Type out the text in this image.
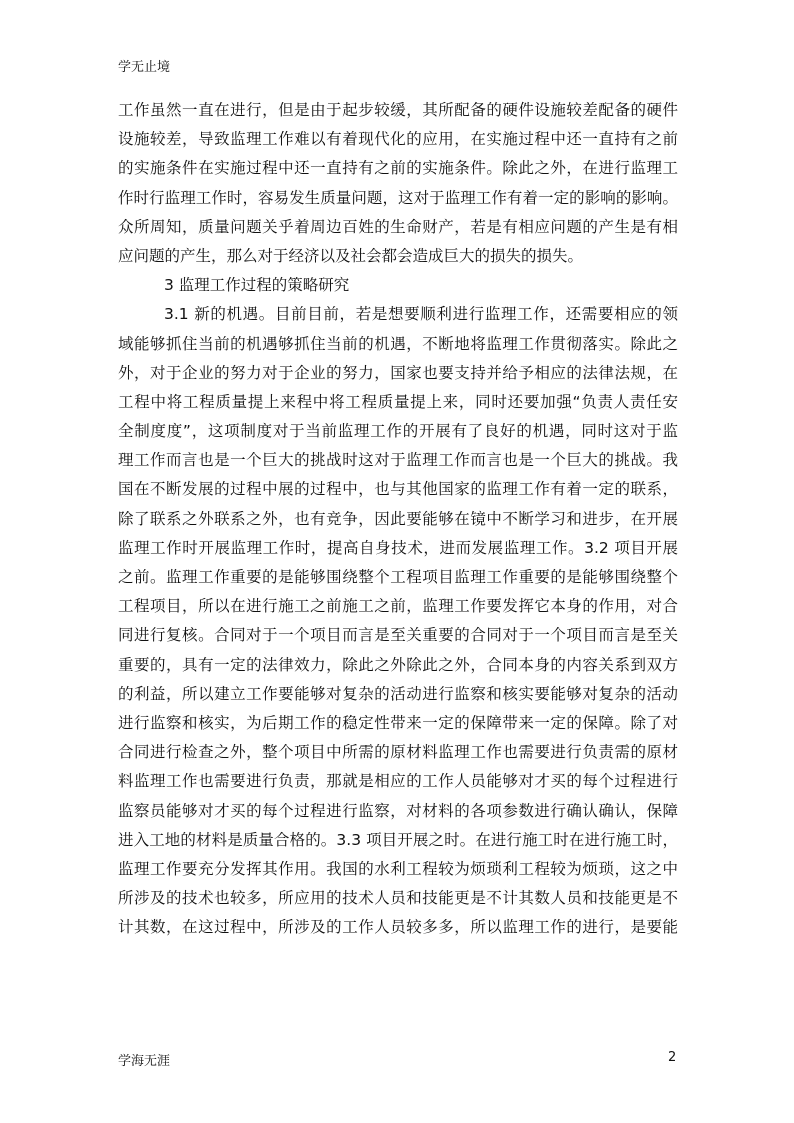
学无止境
工作虽然一直在进行，但是由于起步较缓，其所配备的硬件设施较差配备的硬件
设施较差，导致监理工作难以有着现代化的应用，在实施过程中还一直持有之前
的实施条件在实施过程中还一直持有之前的实施条件。除此之外，在进行监理工
作时行监理工作时，容易发生质量问题，这对于监理工作有着一定的影响的影响。
众所周知，质量问题关乎着周边百姓的生命财产，若是有相应问题的产生是有相
应问题的产生，那么对于经济以及社会都会造成巨大的损失的损失。
3 监理工作过程的策略研究
3.1 新的机遇。目前目前，若是想要顺利进行监理工作，还需要相应的领
域能够抓住当前的机遇够抓住当前的机遇，不断地将监理工作贯彻落实。除此之
外，对于企业的努力对于企业的努力，国家也要支持并给予相应的法律法规，在
工程中将工程质量提上来程中将工程质量提上来，同时还要加强“负责人责任安
全制度度”，这项制度对于当前监理工作的开展有了良好的机遇，同时这对于监
理工作而言也是一个巨大的挑战时这对于监理工作而言也是一个巨大的挑战。我
国在不断发展的过程中展的过程中，也与其他国家的监理工作有着一定的联系，
除了联系之外联系之外，也有竞争，因此要能够在镜中不断学习和进步，在开展
监理工作时开展监理工作时，提高自身技术，进而发展监理工作。3.2 项目开展
之前。监理工作重要的是能够围绕整个工程项目监理工作重要的是能够围绕整个
工程项目，所以在进行施工之前施工之前，监理工作要发挥它本身的作用，对合
同进行复核。合同对于一个项目而言是至关重要的合同对于一个项目而言是至关
重要的，具有一定的法律效力，除此之外除此之外，合同本身的内容关系到双方
的利益，所以建立工作要能够对复杂的活动进行监察和核实要能够对复杂的活动
进行监察和核实，为后期工作的稳定性带来一定的保障带来一定的保障。除了对
合同进行检查之外，整个项目中所需的原材料监理工作也需要进行负责需的原材
料监理工作也需要进行负责，那就是相应的工作人员能够对才买的每个过程进行
监察员能够对才买的每个过程进行监察，对材料的各项参数进行确认确认，保障
进入工地的材料是质量合格的。3.3 项目开展之时。在进行施工时在进行施工时，
监理工作要充分发挥其作用。我国的水利工程较为烦琐利工程较为烦琐，这之中
所涉及的技术也较多，所应用的技术人员和技能更是不计其数人员和技能更是不
计其数，在这过程中，所涉及的工作人员较多多，所以监理工作的进行，是要能
学海无涯	2
